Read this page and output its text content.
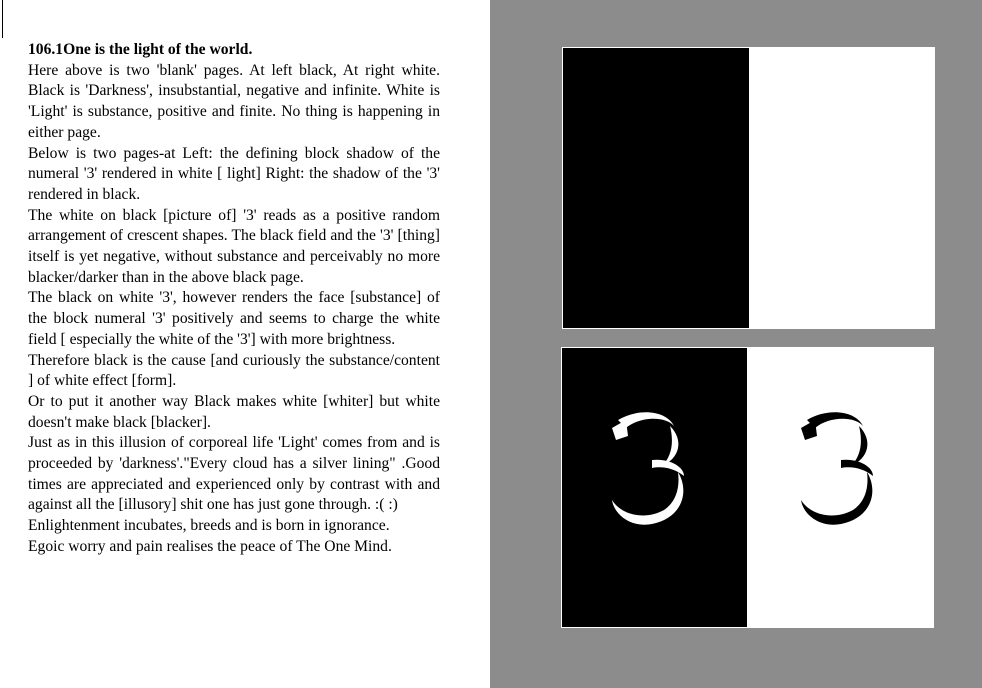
106.1One is the light of the world.

Here above is two 'blank' pages. At left black, At right white. Black is 'Darkness', insubstantial, negative and infinite. White is 'Light' is substance, positive and finite. No thing is happening in either page.

Below is two pages-at Left: the defining block shadow of the numeral '3' rendered in white [ light] Right: the shadow of the '3' rendered in black.

The white on black [picture of] '3' reads as a positive random arrangement of crescent shapes. The black field and the '3' [thing] itself is yet negative, without substance and perceivably no more blacker/darker than in the above black page.

The black on white '3', however renders the face [substance] of the block numeral '3' positively and seems to charge the white field [ especially the white of the '3'] with more brightness.

Therefore black is the cause [and curiously the substance/content ] of white effect [form].

Or to put it another way Black makes white [whiter] but white doesn't make black [blacker].

Just as in this illusion of corporeal life 'Light' comes from and is proceeded by 'darkness'."Every cloud has a silver lining" .Good times are appreciated and experienced only by contrast with and against all the [illusory] shit one has just gone through. :( :)

Enlightenment incubates, breeds and is born in ignorance.

Egoic worry and pain realises the peace of The One Mind.
